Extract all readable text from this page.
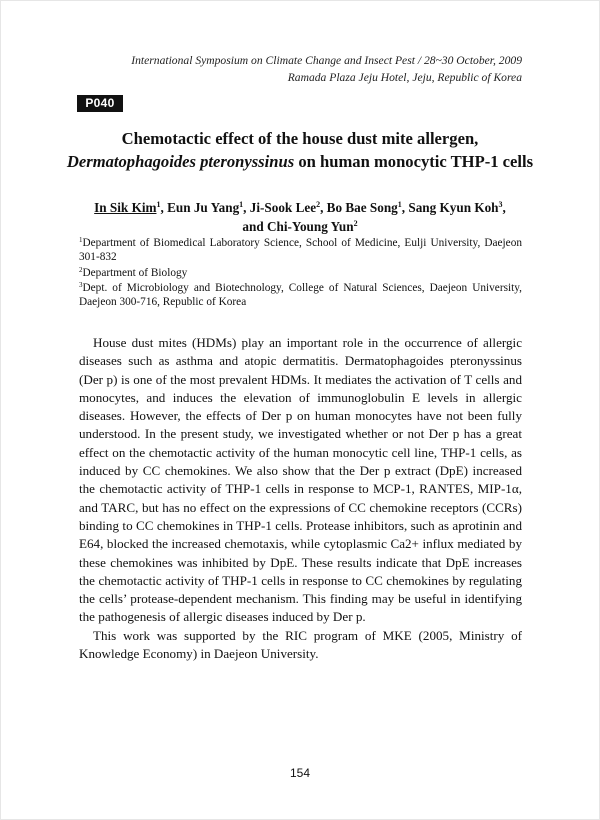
International Symposium on Climate Change and Insect Pest / 28~30 October, 2009
Ramada Plaza Jeju Hotel, Jeju, Republic of Korea
P040
Chemotactic effect of the house dust mite allergen,
Dermatophagoides pteronyssinus on human monocytic THP-1 cells
In Sik Kim$^1$, Eun Ju Yang$^1$, Ji-Sook Lee$^2$, Bo Bae Song$^1$, Sang Kyun Koh$^3$,
and Chi-Young Yun$^2$
$^1$Department of Biomedical Laboratory Science, School of Medicine, Eulji University, Daejeon 301-832
$^2$Department of Biology
$^3$Dept. of Microbiology and Biotechnology, College of Natural Sciences, Daejeon University, Daejeon 300-716, Republic of Korea

House dust mites (HDMs) play an important role in the occurrence of allergic diseases such as asthma and atopic dermatitis. Dermatophagoides pteronyssinus (Der p) is one of the most prevalent HDMs. It mediates the activation of T cells and monocytes, and induces the elevation of immunoglobulin E levels in allergic diseases. However, the effects of Der p on human monocytes have not been fully understood. In the present study, we investigated whether or not Der p has a great effect on the chemotactic activity of the human monocytic cell line, THP-1 cells, as induced by CC chemokines. We also show that the Der p extract (DpE) increased the chemotactic activity of THP-1 cells in response to MCP-1, RANTES, MIP-1α, and TARC, but has no effect on the expressions of CC chemokine receptors (CCRs) binding to CC chemokines in THP-1 cells. Protease inhibitors, such as aprotinin and E64, blocked the increased chemotaxis, while cytoplasmic Ca2+ influx mediated by these chemokines was inhibited by DpE. These results indicate that DpE increases the chemotactic activity of THP-1 cells in response to CC chemokines by regulating the cells’ protease-dependent mechanism. This finding may be useful in identifying the pathogenesis of allergic diseases induced by Der p.

This work was supported by the RIC program of MKE (2005, Ministry of Knowledge Economy) in Daejeon University.

154
